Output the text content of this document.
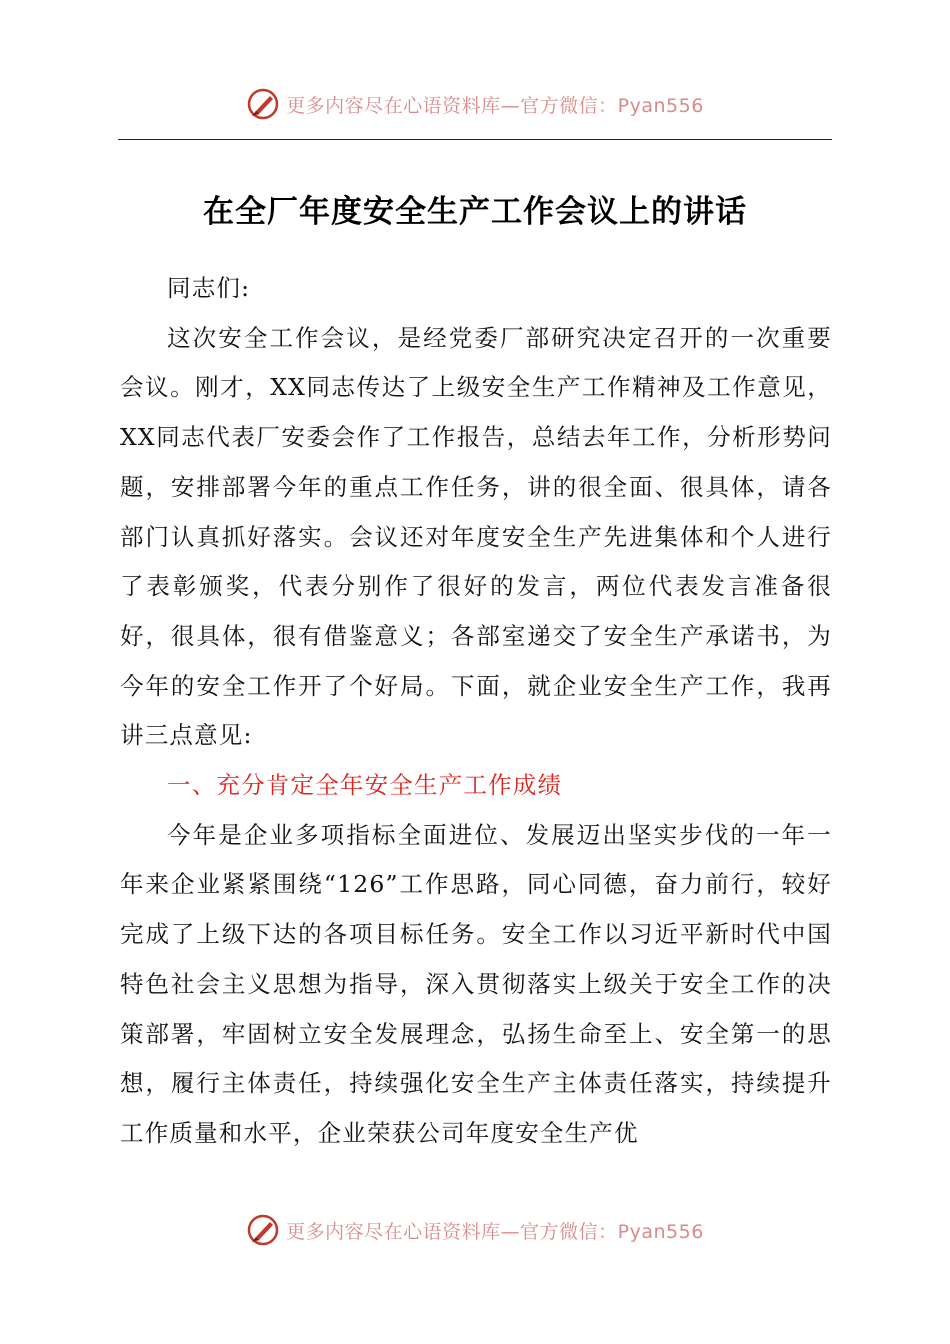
更多内容尽在心语资料库—官方微信：Pyan556
在全厂年度安全生产工作会议上的讲话

同志们:

这次安全工作会议，是经党委厂部研究决定召开的一次重要会议。刚才，XX同志传达了上级安全生产工作精神及工作意见，XX同志代表厂安委会作了工作报告，总结去年工作，分析形势问题，安排部署今年的重点工作任务，讲的很全面、很具体，请各部门认真抓好落实。会议还对年度安全生产先进集体和个人进行了表彰颁奖，代表分别作了很好的发言，两位代表发言准备很好，很具体，很有借鉴意义；各部室递交了安全生产承诺书，为今年的安全工作开了个好局。下面，就企业安全生产工作，我再讲三点意见:

一、充分肯定全年安全生产工作成绩

今年是企业多项指标全面进位、发展迈出坚实步伐的一年一年来企业紧紧围绕“126”工作思路，同心同德，奋力前行，较好完成了上级下达的各项目标任务。安全工作以习近平新时代中国特色社会主义思想为指导，深入贯彻落实上级关于安全工作的决策部署，牢固树立安全发展理念，弘扬生命至上、安全第一的思想，履行主体责任，持续强化安全生产主体责任落实，持续提升工作质量和水平，企业荣获公司年度安全生产优

更多内容尽在心语资料库—官方微信：Pyan556
